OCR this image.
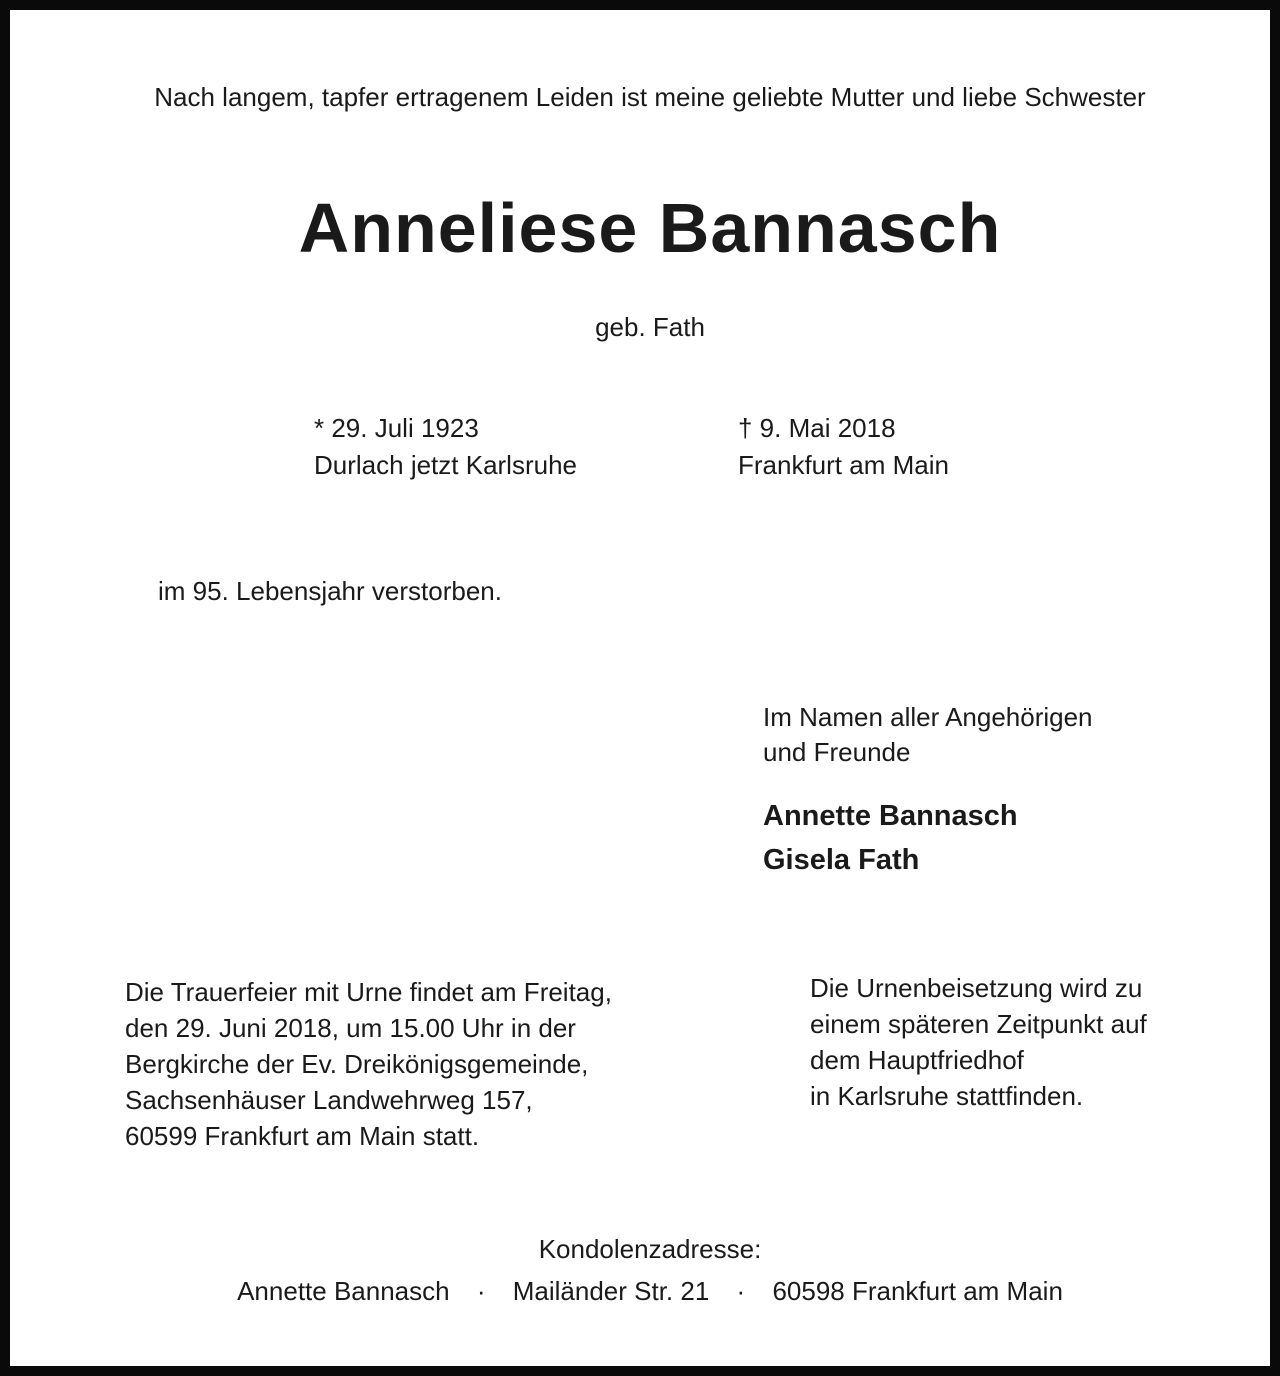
Nach langem, tapfer ertragenem Leiden ist meine geliebte Mutter und liebe Schwester
Anneliese Bannasch
geb. Fath
* 29. Juli 1923
Durlach jetzt Karlsruhe
† 9. Mai 2018
Frankfurt am Main
im 95. Lebensjahr verstorben.
Im Namen aller Angehörigen
und Freunde
Annette Bannasch
Gisela Fath
Die Trauerfeier mit Urne findet am Freitag,
den 29. Juni 2018, um 15.00 Uhr in der
Bergkirche der Ev. Dreikönigsgemeinde,
Sachsenhäuser Landwehrweg 157,
60599 Frankfurt am Main statt.
Die Urnenbeisetzung wird zu
einem späteren Zeitpunkt auf
dem Hauptfriedhof
in Karlsruhe stattfinden.
Kondolenzadresse:
Annette Bannasch · Mailänder Str. 21 · 60598 Frankfurt am Main
